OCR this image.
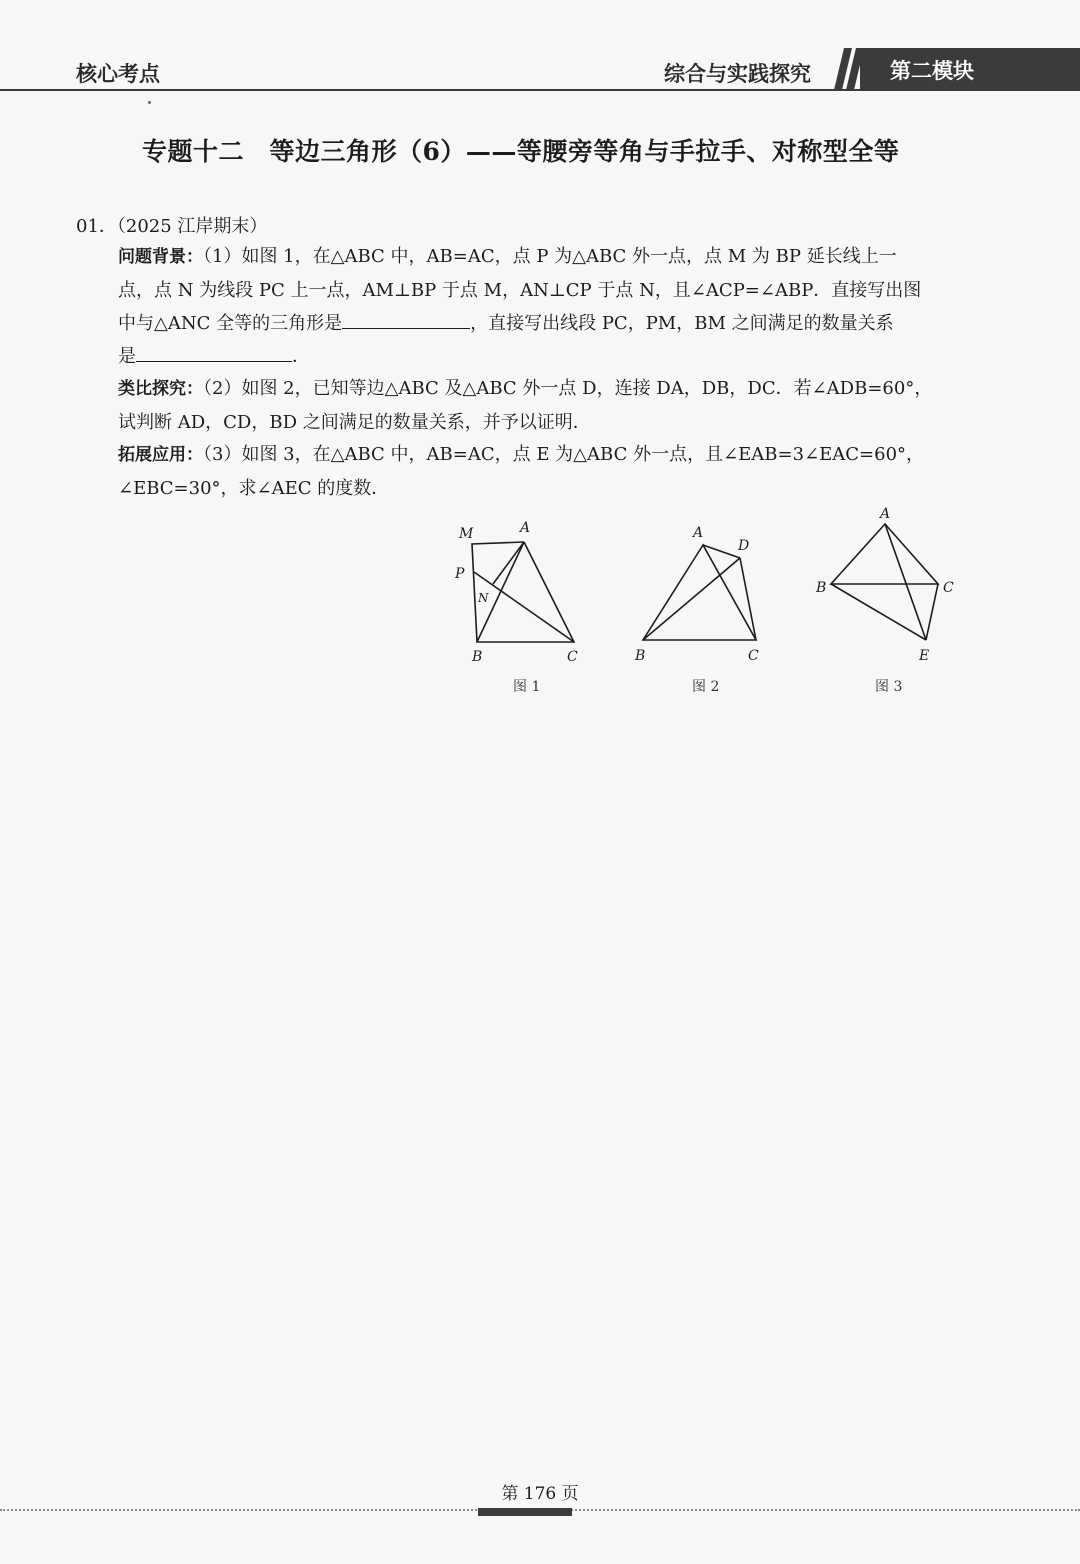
核心考点	综合与实践探究	第二模块
专题十二　等边三角形（6）——等腰旁等角与手拉手、对称型全等
01．（2025 江岸期末）
问题背景：（1）如图 1，在△ABC 中，AB=AC，点 P 为△ABC 外一点，点 M 为 BP 延长线上一
点，点 N 为线段 PC 上一点，AM⊥BP 于点 M，AN⊥CP 于点 N，且∠ACP=∠ABP．直接写出图
中与△ANC 全等的三角形是	，直接写出线段 PC，PM，BM 之间满足的数量关系
是	．
类比探究：（2）如图 2，已知等边△ABC 及△ABC 外一点 D，连接 DA，DB，DC．若∠ADB=60°，
试判断 AD，CD，BD 之间满足的数量关系，并予以证明．
拓展应用：（3）如图 3，在△ABC 中，AB=AC，点 E 为△ABC 外一点，且∠EAB=3∠EAC=60°，
∠EBC=30°，求∠AEC 的度数．
M	A
P
N
B	C
A
D
B	C
A
B	C
E
图 1	图 2	图 3
第 176 页
